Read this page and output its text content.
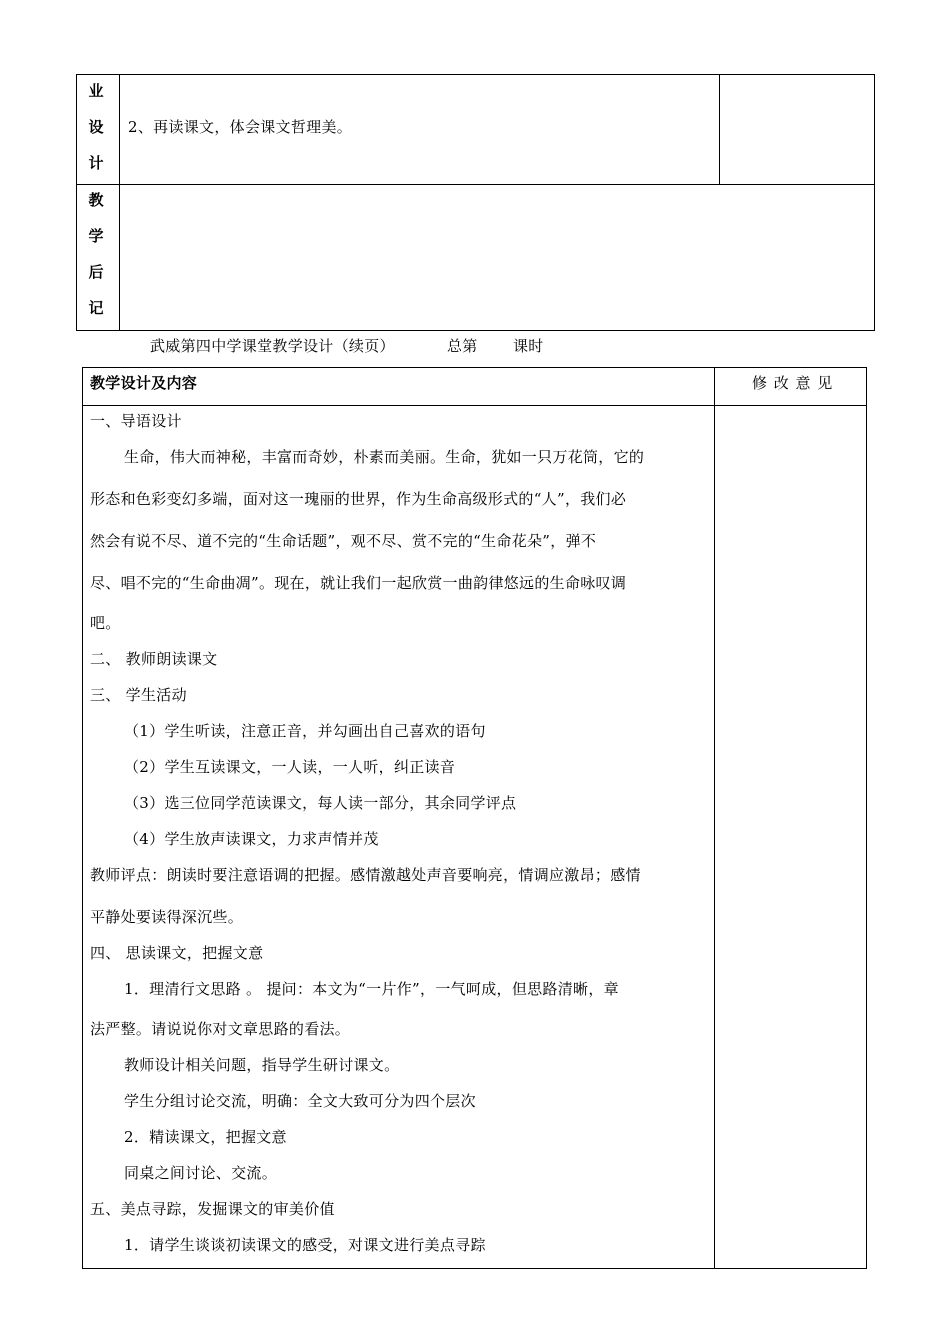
业
设
计
2、再读课文，体会课文哲理美。
教
学
后
记
武威第四中学课堂教学设计（续页）	总第 课时
教学设计及内容	修 改 意 见
一、导语设计
生命，伟大而神秘，丰富而奇妙，朴素而美丽。生命，犹如一只万花筒，它的
形态和色彩变幻多端，面对这一瑰丽的世界，作为生命高级形式的“人”，我们必
然会有说不尽、道不完的“生命话题”，观不尽、赏不完的“生命花朵”，弹不
尽、唱不完的“生命曲凋”。现在，就让我们一起欣赏一曲韵律悠远的生命咏叹调
吧。
二、 教师朗读课文
三、 学生活动
（1）学生听读，注意正音，并勾画出自己喜欢的语句
（2）学生互读课文，一人读，一人听，纠正读音
（3）选三位同学范读课文，每人读一部分，其余同学评点
（4）学生放声读课文，力求声情并茂
教师评点：朗读时要注意语调的把握。感情激越处声音要响亮，情调应激昂；感情
平静处要读得深沉些。
四、 思读课文，把握文意
1．理清行文思路 。 提问：本文为“一片作”，一气呵成，但思路清晰，章
法严整。请说说你对文章思路的看法。
教师设计相关问题，指导学生研讨课文。
学生分组讨论交流，明确：全文大致可分为四个层次
2．精读课文，把握文意
同桌之间讨论、交流。
五、美点寻踪，发掘课文的审美价值
1．请学生谈谈初读课文的感受，对课文进行美点寻踪
